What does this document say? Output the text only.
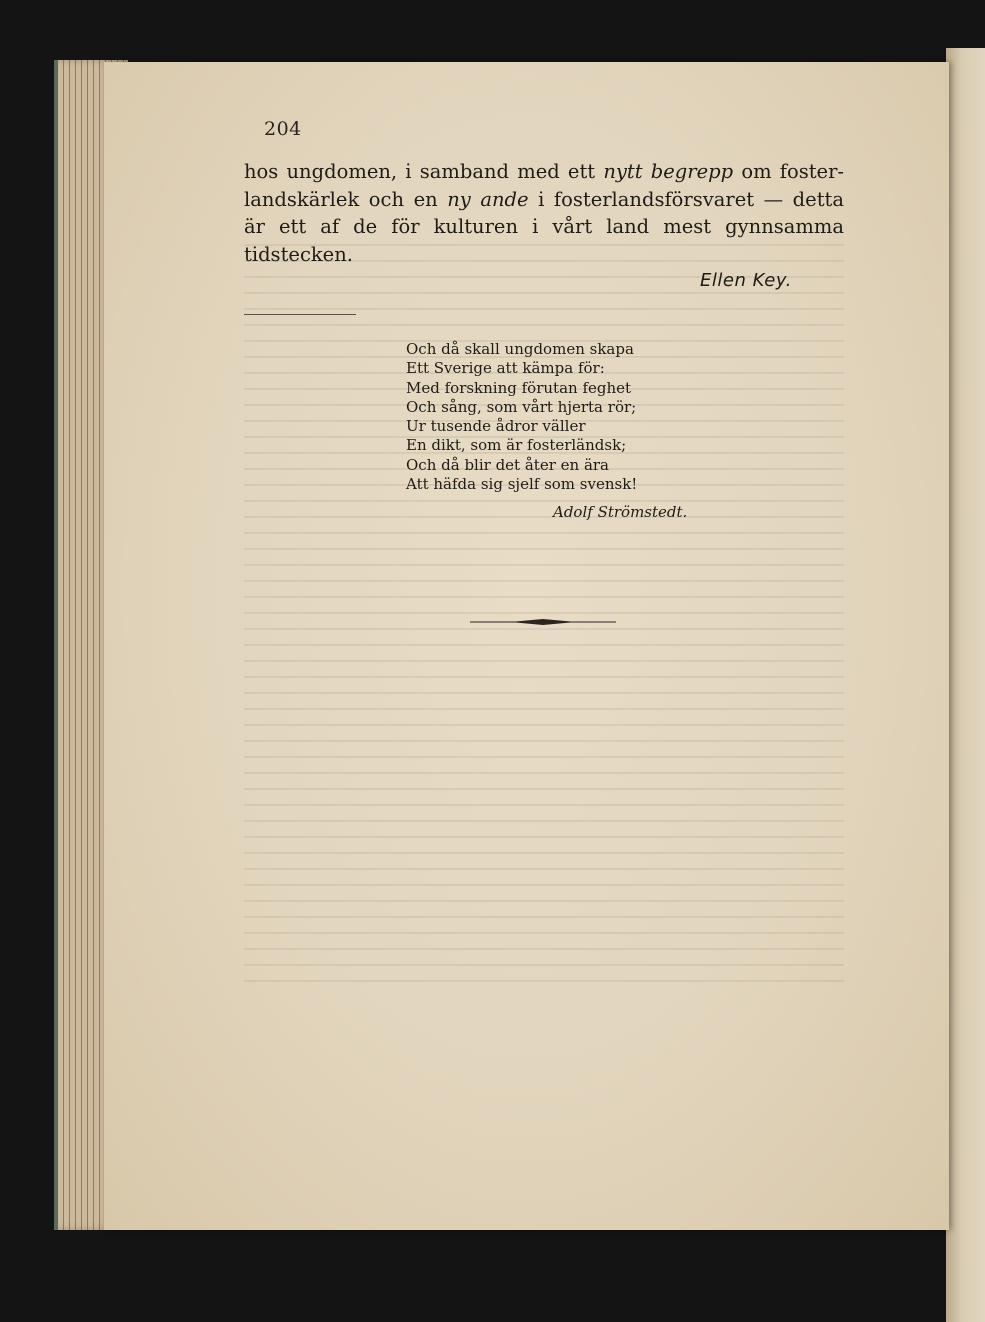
204
hos ungdomen, i samband med ett nytt begrepp om foster-
landskärlek och en ny ande i fosterlandsförsvaret — detta
är ett af de för kulturen i vårt land mest gynnsamma
tidstecken.
Ellen Key.
Och då skall ungdomen skapa
Ett Sverige att kämpa för:
Med forskning förutan feghet
Och sång, som vårt hjerta rör;
Ur tusende ådror väller
En dikt, som är fosterländsk;
Och då blir det åter en ära
Att häfda sig sjelf som svensk!
Adolf Strömstedt.
